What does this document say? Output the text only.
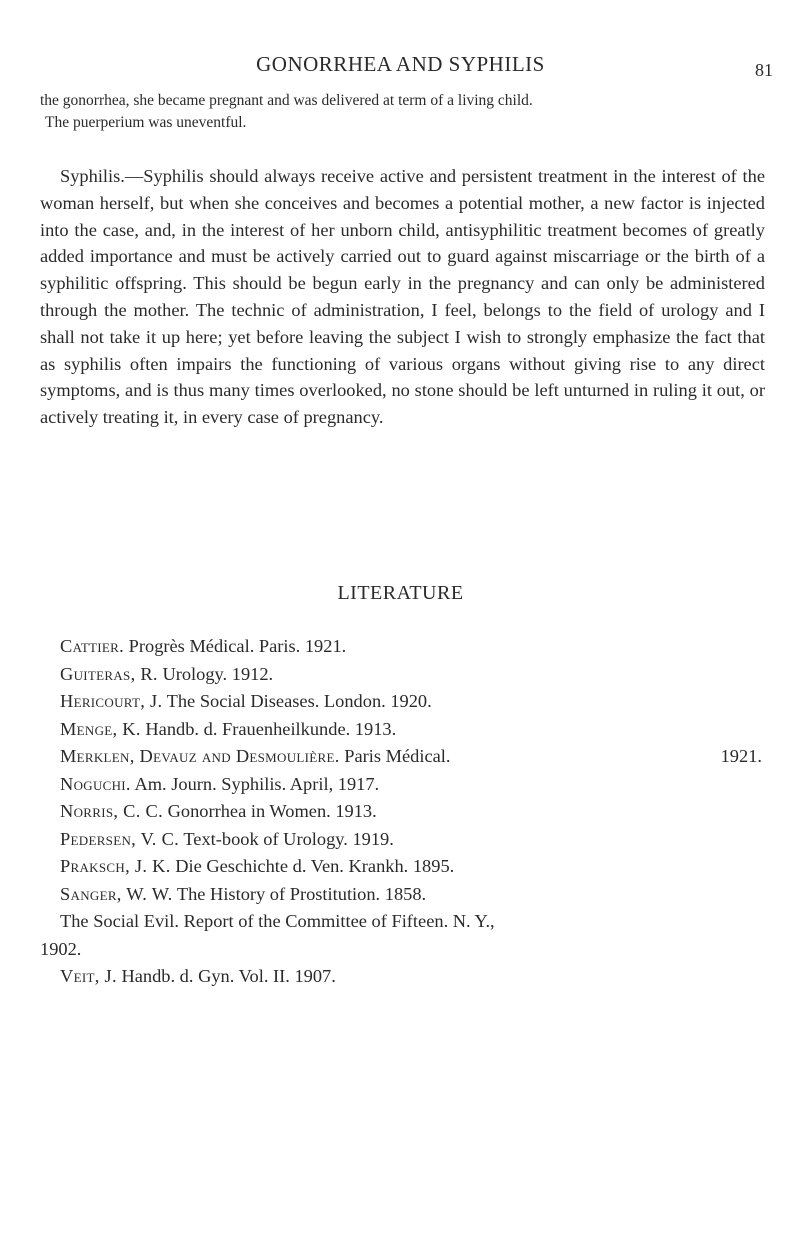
GONORRHEA AND SYPHILIS	81

the gonorrhea, she became pregnant and was delivered at term of a living child.
The puerperium was uneventful.

Syphilis.—Syphilis should always receive active and persistent treatment in the interest of the woman herself, but when she conceives and becomes a potential mother, a new factor is injected into the case, and, in the interest of her unborn child, antisyphilitic treatment becomes of greatly added importance and must be actively carried out to guard against miscarriage or the birth of a syphilitic offspring. This should be begun early in the pregnancy and can only be administered through the mother. The technic of administration, I feel, belongs to the field of urology and I shall not take it up here; yet before leaving the subject I wish to strongly emphasize the fact that as syphilis often impairs the functioning of various organs without giving rise to any direct symptoms, and is thus many times overlooked, no stone should be left unturned in ruling it out, or actively treating it, in every case of pregnancy.

LITERATURE
Cattier. Progrès Médical. Paris. 1921.
Guiteras, R. Urology. 1912.
Hericourt, J. The Social Diseases. London. 1920.
Menge, K. Handb. d. Frauenheilkunde. 1913.
Merklen, Devauz and Desmoulière. Paris Médical.	1921.
Noguchi. Am. Journ. Syphilis. April, 1917.
Norris, C. C. Gonorrhea in Women. 1913.
Pedersen, V. C. Text-book of Urology. 1919.
Praksch, J. K. Die Geschichte d. Ven. Krankh. 1895.
Sanger, W. W. The History of Prostitution. 1858.
The Social Evil. Report of the Committee of Fifteen. N. Y.,
1902.
Veit, J. Handb. d. Gyn. Vol. II. 1907.
